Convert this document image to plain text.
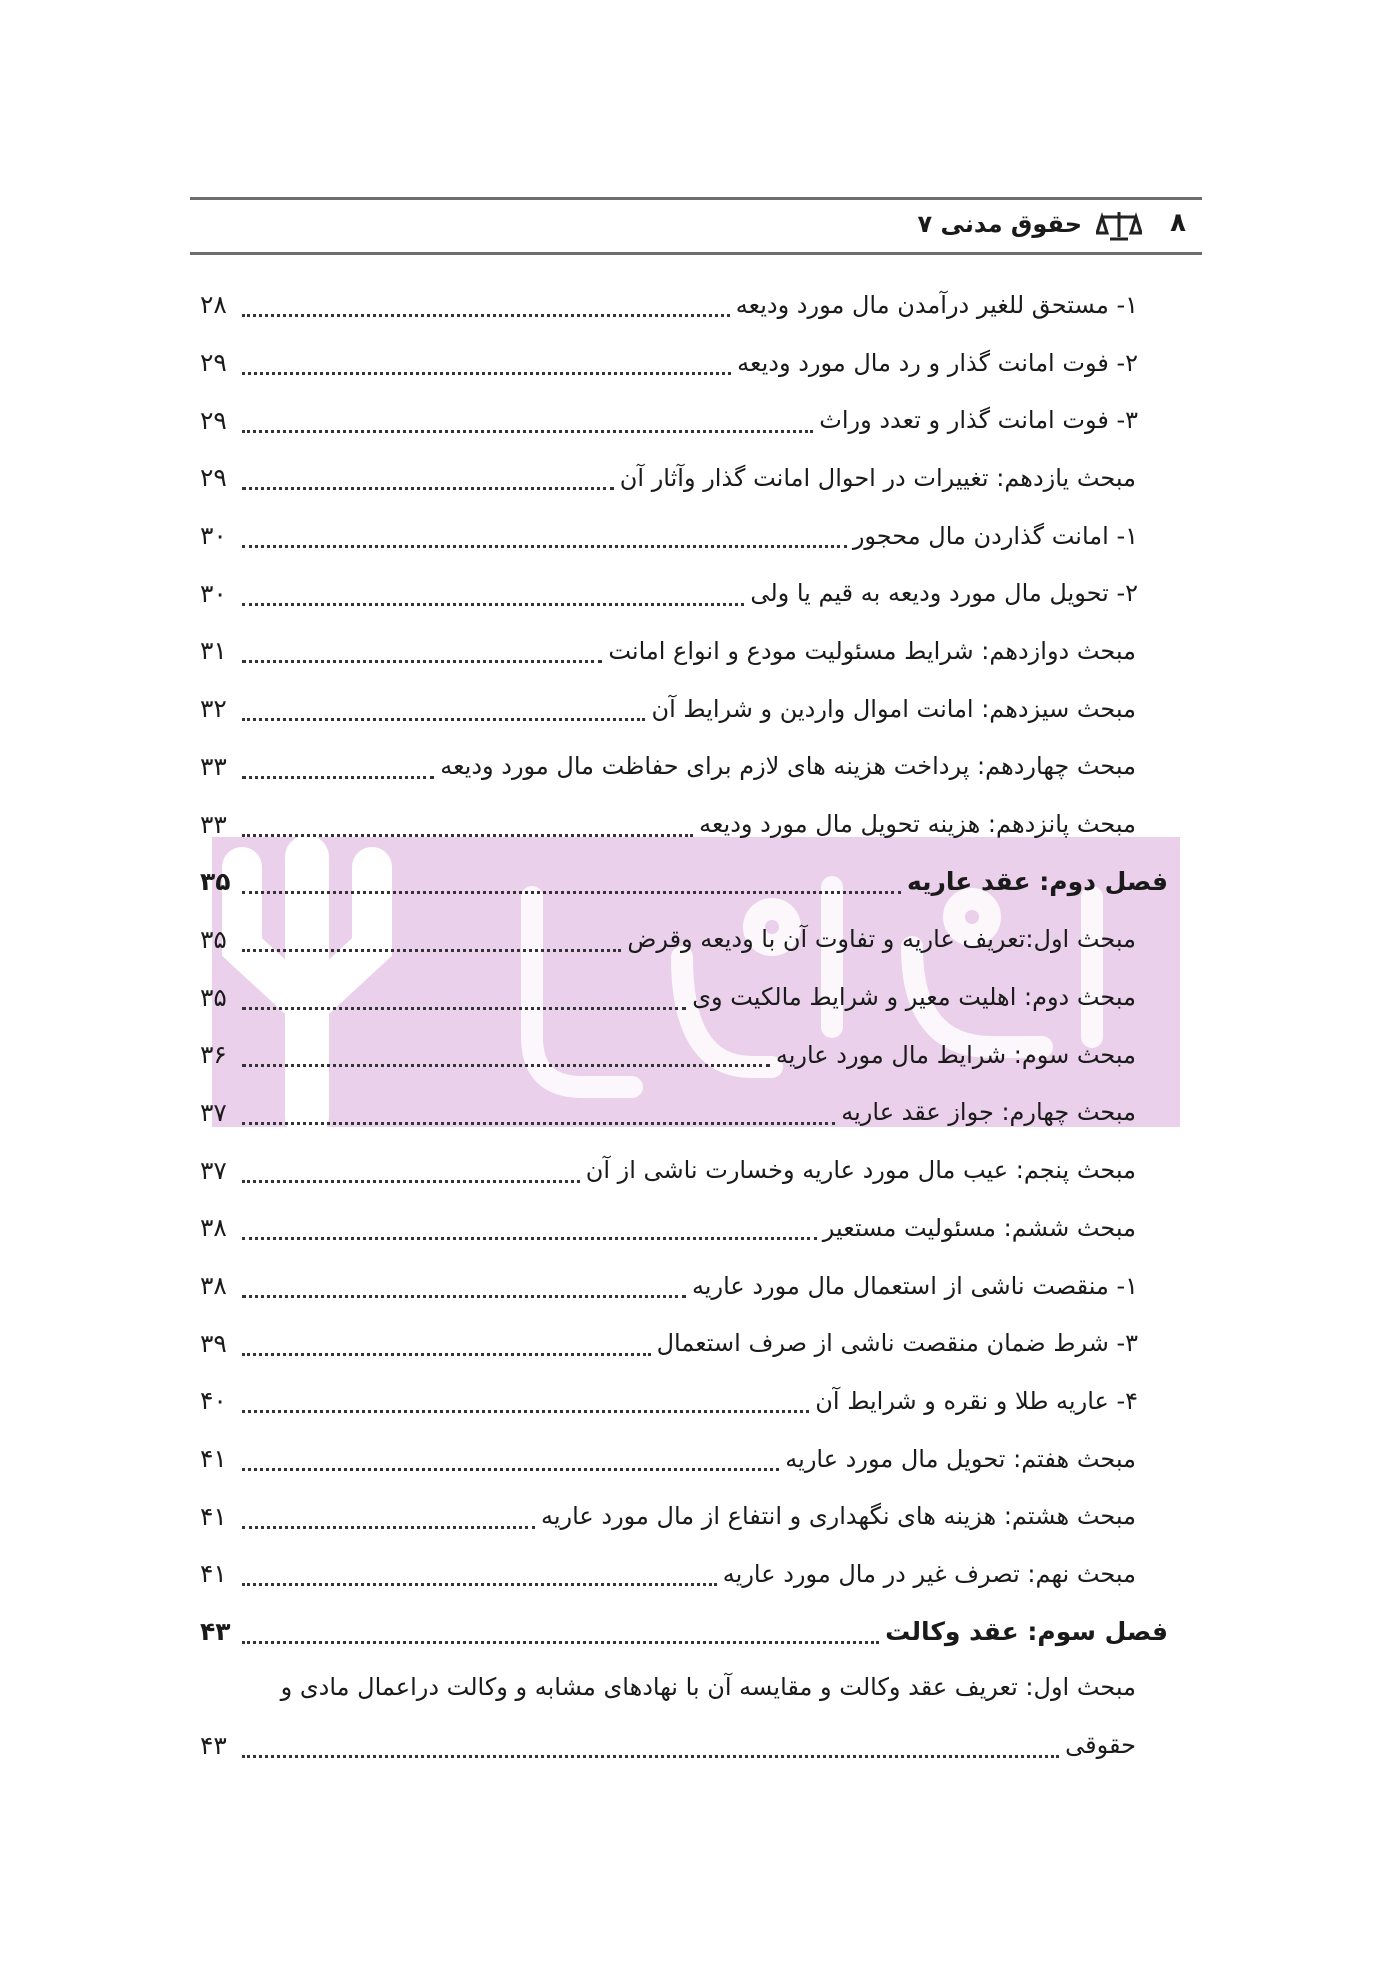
۸
حقوق مدنی ۷
۱- مستحق للغیر درآمدن مال مورد ودیعه
۲۸
۲- فوت امانت گذار و رد مال مورد ودیعه
۲۹
۳- فوت امانت گذار و تعدد وراث
۲۹
مبحث یازدهم: تغییرات در احوال امانت گذار وآثار آن
۲۹
۱- امانت گذاردن مال محجور
۳۰
۲- تحویل مال مورد ودیعه به قیم یا ولی
۳۰
مبحث دوازدهم: شرایط مسئولیت مودع و انواع امانت
۳۱
مبحث سیزدهم: امانت اموال واردین و شرایط آن
۳۲
مبحث چهاردهم: پرداخت هزینه های لازم برای حفاظت مال مورد ودیعه
۳۳
مبحث پانزدهم: هزینه تحویل مال مورد ودیعه
۳۳
فصل دوم: عقد عاریه
۳۵
مبحث اول:تعریف عاریه و تفاوت آن با ودیعه وقرض
۳۵
مبحث دوم: اهلیت معیر و شرایط مالکیت وی
۳۵
مبحث سوم: شرایط مال مورد عاریه
۳۶
مبحث چهارم: جواز عقد عاریه
۳۷
مبحث پنجم: عیب مال مورد عاریه وخسارت ناشی از آن
۳۷
مبحث ششم: مسئولیت مستعیر
۳۸
۱- منقصت ناشی از استعمال مال مورد عاریه
۳۸
۳- شرط ضمان منقصت ناشی از صرف استعمال
۳۹
۴- عاریه طلا و نقره و شرایط آن
۴۰
مبحث هفتم: تحویل مال مورد عاریه
۴۱
مبحث هشتم: هزینه های نگهداری و انتفاع از مال مورد عاریه
۴۱
مبحث نهم: تصرف غیر در مال مورد عاریه
۴۱
فصل سوم: عقد وکالت
۴۳
مبحث اول: تعریف عقد وکالت و مقایسه آن با نهادهای مشابه و وکالت دراعمال مادی و
حقوقی
۴۳
